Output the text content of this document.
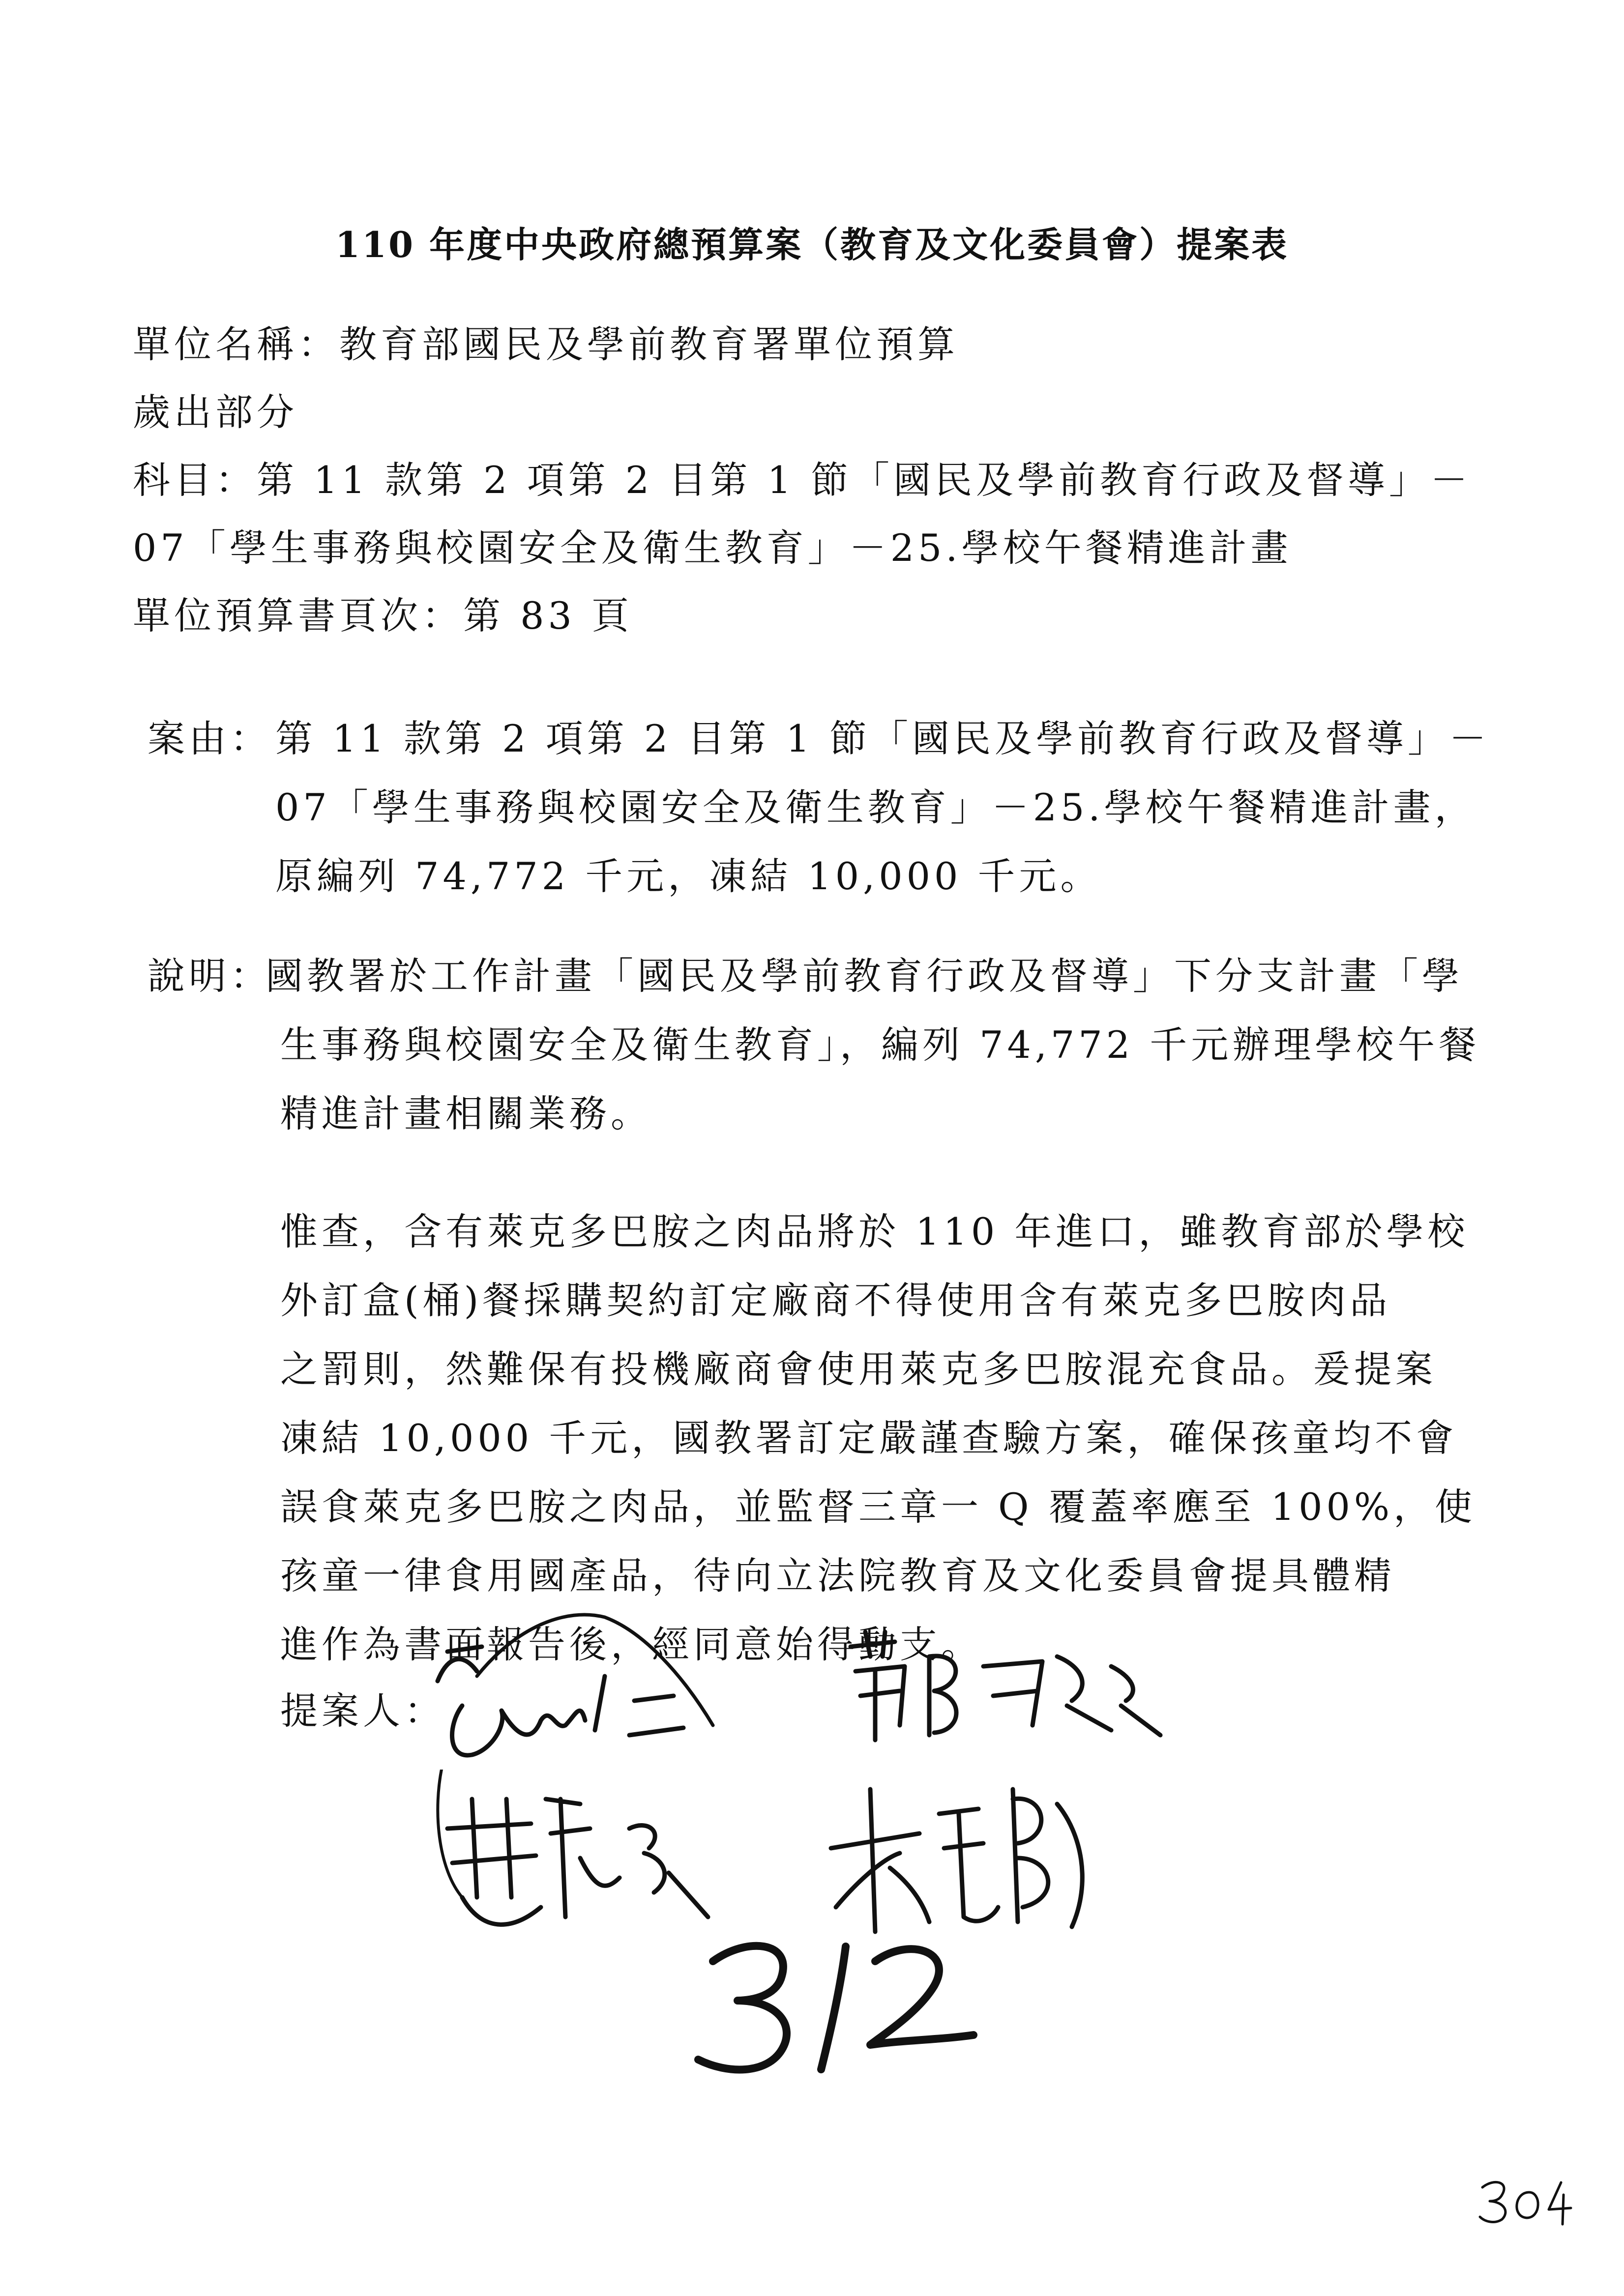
110 年度中央政府總預算案（教育及文化委員會）提案表
單位名稱：教育部國民及學前教育署單位預算
歲出部分
科目：第 11 款第 2 項第 2 目第 1 節「國民及學前教育行政及督導」－
07「學生事務與校園安全及衛生教育」－25.學校午餐精進計畫
單位預算書頁次：第 83 頁
案由： 第 11 款第 2 項第 2 目第 1 節「國民及學前教育行政及督導」－
07「學生事務與校園安全及衛生教育」－25.學校午餐精進計畫，
原編列 74,772 千元，凍結 10,000 千元。
說明：
國教署於工作計畫「國民及學前教育行政及督導」下分支計畫「學
生事務與校園安全及衛生教育」，編列 74,772 千元辦理學校午餐
精進計畫相關業務。
惟查，含有萊克多巴胺之肉品將於 110 年進口，雖教育部於學校
外訂盒(桶)餐採購契約訂定廠商不得使用含有萊克多巴胺肉品
之罰則，然難保有投機廠商會使用萊克多巴胺混充食品。爰提案
凍結 10,000 千元，國教署訂定嚴謹查驗方案，確保孩童均不會
誤食萊克多巴胺之肉品，並監督三章一 Q 覆蓋率應至 100%，使
孩童一律食用國產品，待向立法院教育及文化委員會提具體精
進作為書面報告後，經同意始得動支。
提案人：
